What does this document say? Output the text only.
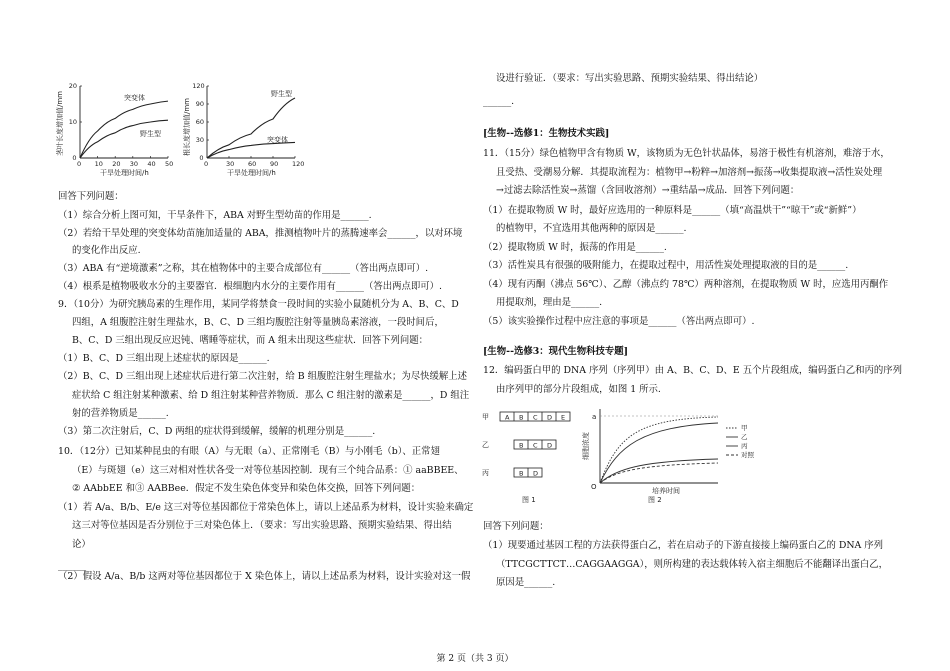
0 10 20 30 40 50
0
10
20
突变体
野生型
干旱处理时间/h
茎叶长度增加值/mm
0	30 60 90 120
0
30
60
90
120
野生型
突变体
干旱处理时间/h
根长度增加值/mm
回答下列问题：
（1）综合分析上图可知，干旱条件下，ABA 对野生型幼苗的作用是______.
（2）若给干旱处理的突变体幼苗施加适量的 ABA，推测植物叶片的蒸腾速率会______，以对环境
的变化作出反应.
（3）ABA 有“逆境激素”之称，其在植物体中的主要合成部位有______（答出两点即可）.
（4）根系是植物吸收水分的主要器官．根细胞内水分的主要作用有______（答出两点即可）.
9．（10分）为研究胰岛素的生理作用，某同学将禁食一段时间的实验小鼠随机分为 A、B、C、D
四组，A 组腹腔注射生理盐水，B、C、D 三组均腹腔注射等量胰岛素溶液，一段时间后，
B、C、D 三组出现反应迟钝、嗜睡等症状，而 A 组未出现这些症状．回答下列问题：
（1）B、C、D 三组出现上述症状的原因是______.
（2）B、C、D 三组出现上述症状后进行第二次注射，给 B 组腹腔注射生理盐水；为尽快缓解上述
症状给 C 组注射某种激素、给 D 组注射某种营养物质．那么 C 组注射的激素是______，D 组注
射的营养物质是______.
（3）第二次注射后，C、D 两组的症状得到缓解，缓解的机理分别是______.
10．（12分）已知某种昆虫的有眼（A）与无眼（a）、正常刚毛（B）与小刚毛（b）、正常翅
（E）与斑翅（e）这三对相对性状各受一对等位基因控制．现有三个纯合品系：① aaBBEE、
② AAbbEE 和③ AABBee．假定不发生染色体变异和染色体交换，回答下列问题：
（1）若 A/a、B/b、E/e 这三对等位基因都位于常染色体上，请以上述品系为材料，设计实验来确定
这三对等位基因是否分别位于三对染色体上．（要求：写出实验思路、预期实验结果、得出结
论）
______
（2）假设 A/a、B/b 这两对等位基因都位于 X 染色体上，请以上述品系为材料，设计实验对这一假
设进行验证．（要求：写出实验思路、预期实验结果、得出结论）
______.
[生物--选修1：生物技术实践]
11．（15分）绿色植物甲含有物质 W，该物质为无色针状晶体，易溶于极性有机溶剂，难溶于水，
且受热、受潮易分解．其提取流程为：植物甲→粉粹→加溶剂→振荡→收集提取液→活性炭处理
→过滤去除活性炭→蒸馏（含回收溶剂）→重结晶→成品．回答下列问题：
（1）在提取物质 W 时，最好应选用的一种原料是______（填“高温烘干”“晾干”或“新鲜”）
的植物甲，不宜选用其他两种的原因是______.
（2）提取物质 W 时，振荡的作用是______.
（3）活性炭具有很强的吸附能力，在提取过程中，用活性炭处理提取液的目的是______.
（4）现有丙酮（沸点 56℃）、乙醇（沸点约 78℃）两种溶剂，在提取物质 W 时，应选用丙酮作
用提取剂，理由是______.
（5）该实验操作过程中应注意的事项是______（答出两点即可）.
[生物--选修3：现代生物科技专题]
12．编码蛋白甲的 DNA 序列（序列甲）由 A、B、C、D、E 五个片段组成，编码蛋白乙和丙的序列
由序列甲的部分片段组成，如图 1 所示.
回答下列问题：
（1）现要通过基因工程的方法获得蛋白乙，若在启动子的下游直接接上编码蛋白乙的 DNA 序列
（TTCGCTTCT…CAGGAAGGA），则所构建的表达载体转入宿主细胞后不能翻译出蛋白乙，
原因是______.
甲 A B C D E
乙	B C D
丙	B D
图 1
a
O
细胞浓度
培养时间
甲
乙
丙
对照
图 2
第 2 页（共 3 页）
